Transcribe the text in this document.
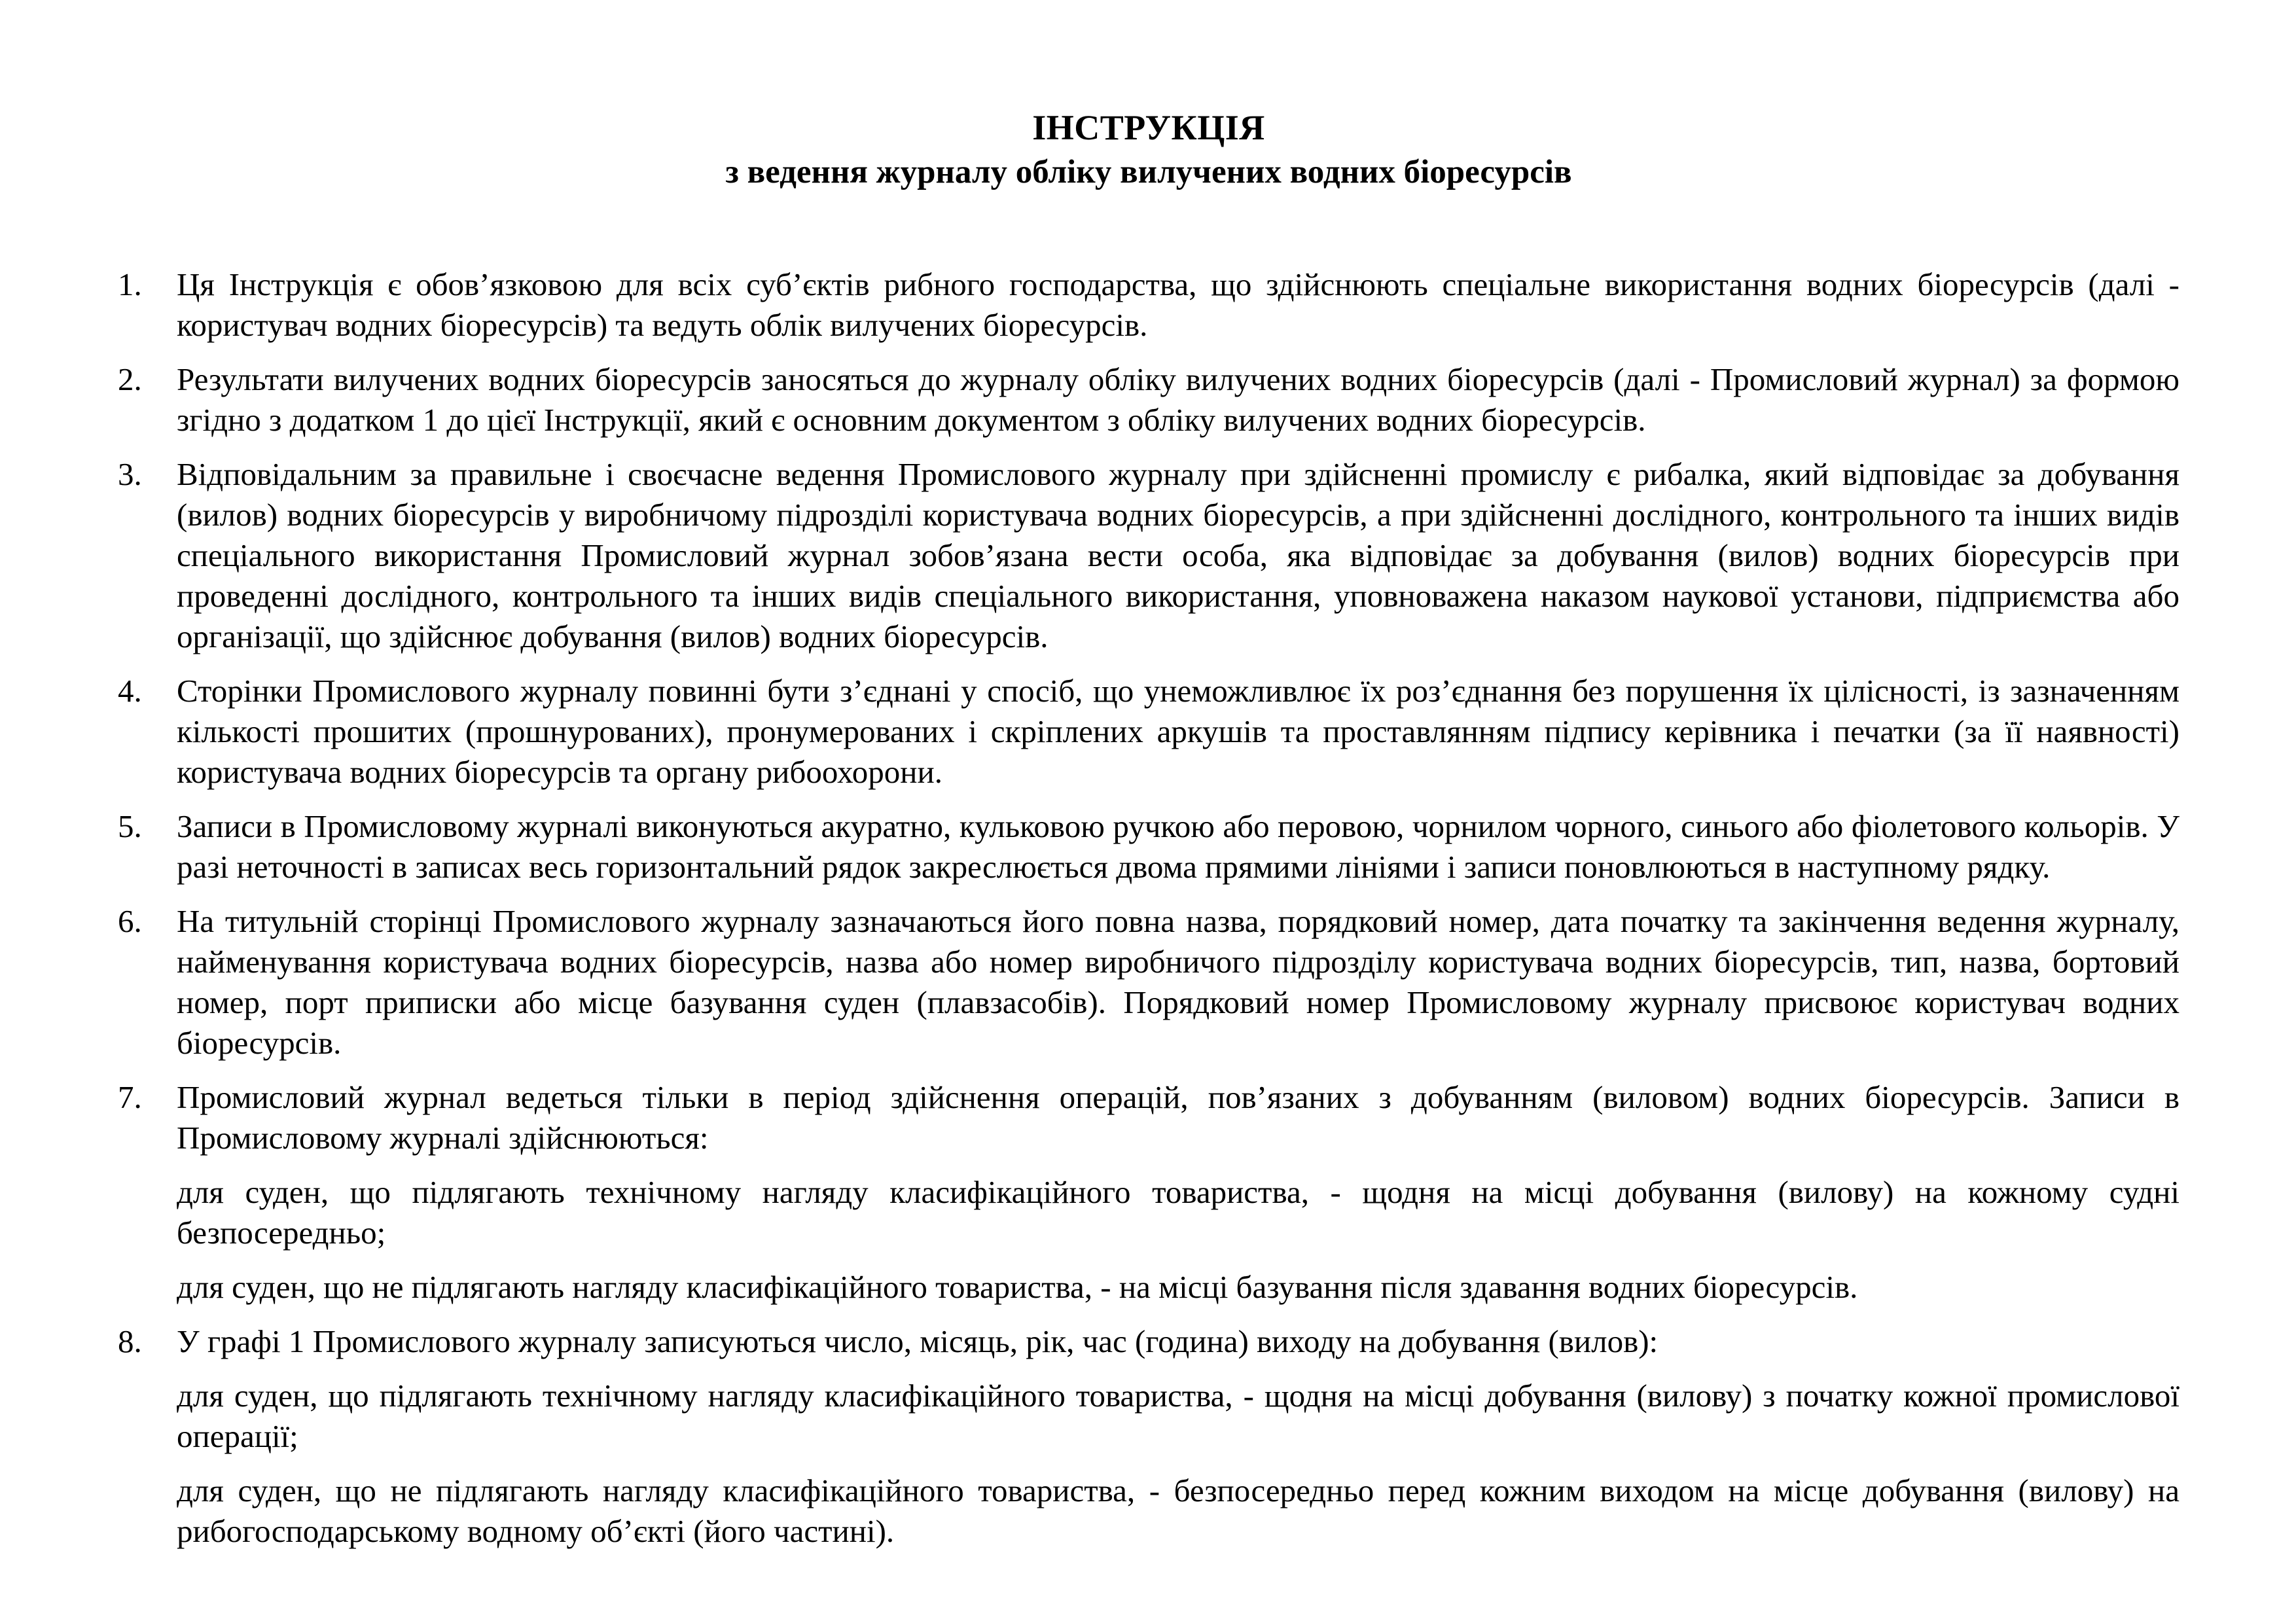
ІНСТРУКЦІЯ
з ведення журналу обліку вилучених водних біоресурсів
1.	Ця Інструкція є обов’язковою для всіх суб’єктів рибного господарства, що здійснюють спеціальне використання водних біоресурсів (далі - користувач водних біоресурсів) та ведуть облік вилучених біоресурсів.

2.	Результати вилучених водних біоресурсів заносяться до журналу обліку вилучених водних біоресурсів (далі - Промисловий журнал) за формою згідно з додатком 1 до цієї Інструкції, який є основним документом з обліку вилучених водних біоресурсів.

3.	Відповідальним за правильне і своєчасне ведення Промислового журналу при здійсненні промислу є рибалка, який відповідає за добування (вилов) водних біоресурсів у виробничому підрозділі користувача водних біоресурсів, а при здійсненні дослідного, контрольного та інших видів спеціального використання Промисловий журнал зобов’язана вести особа, яка відповідає за добування (вилов) водних біоресурсів при проведенні дослідного, контрольного та інших видів спеціального використання, уповноважена наказом наукової установи, підприємства або організації, що здійснює добування (вилов) водних біоресурсів.

4.	Сторінки Промислового журналу повинні бути з’єднані у спосіб, що унеможливлює їх роз’єднання без порушення їх цілісності, із зазначенням кількості прошитих (прошнурованих), пронумерованих і скріплених аркушів та проставлянням підпису керівника і печатки (за її наявності) користувача водних біоресурсів та органу рибоохорони.

5.	Записи в Промисловому журналі виконуються акуратно, кульковою ручкою або перовою, чорнилом чорного, синього або фіолетового кольорів. У разі неточності в записах весь горизонтальний рядок закреслюється двома прямими лініями і записи поновлюються в наступному рядку.

6.	На титульній сторінці Промислового журналу зазначаються його повна назва, порядковий номер, дата початку та закінчення ведення журналу, найменування користувача водних біоресурсів, назва або номер виробничого підрозділу користувача водних біоресурсів, тип, назва, бортовий номер, порт приписки або місце базування суден (плавзасобів). Порядковий номер Промисловому журналу присвоює користувач водних біоресурсів.

7.	Промисловий журнал ведеться тільки в період здійснення операцій, пов’язаних з добуванням (виловом) водних біоресурсів. Записи в Промисловому журналі здійснюються:

для суден, що підлягають технічному нагляду класифікаційного товариства, - щодня на місці добування (вилову) на кожному судні безпосередньо;

для суден, що не підлягають нагляду класифікаційного товариства, - на місці базування після здавання водних біоресурсів.

8.	У графі 1 Промислового журналу записуються число, місяць, рік, час (година) виходу на добування (вилов):

для суден, що підлягають технічному нагляду класифікаційного товариства, - щодня на місці добування (вилову) з початку кожної промислової операції;

для суден, що не підлягають нагляду класифікаційного товариства, - безпосередньо перед кожним виходом на місце добування (вилову) на рибогосподарському водному об’єкті (його частині).
